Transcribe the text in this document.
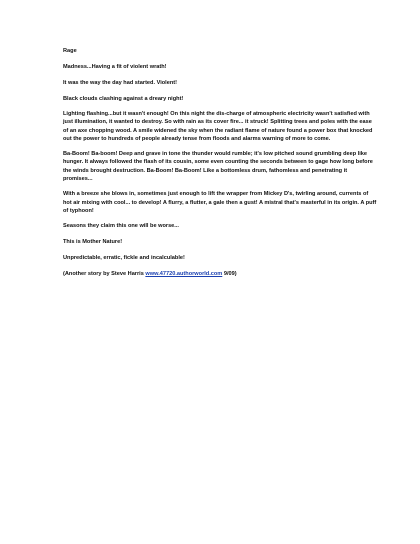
Rage

Madness...Having a fit of violent wrath!

It was the way the day had started. Violent!

Black clouds clashing against a dreary night!

Lighting flashing...but it wasn't enough! On this night the dis-charge of atmospheric electricity wasn't satisfied with just illumination, it wanted to destroy. So with rain as its cover fire... it struck! Splitting trees and poles with the ease of an axe chopping wood. A smile widened the sky when the radiant flame of nature found a power box that knocked out the power to hundreds of people already tense from floods and alarms warning of more to come.

Ba-Boom! Ba-boom! Deep and grave in tone the thunder would rumble; it's low pitched sound grumbling deep like hunger. It always followed the flash of its cousin, some even counting the seconds between to gage how long before the winds brought destruction. Ba-Boom! Ba-Boom! Like a bottomless drum, fathomless and penetrating it promises...

With a breeze she blows in, sometimes just enough to lift the wrapper from Mickey D's, twirling around, currents of hot air mixing with cool... to develop! A flurry, a flutter, a gale then a gust! A mistral that's masterful in its origin. A puff of typhoon!

Seasons they claim this one will be worse...

This is Mother Nature!

Unpredictable, erratic, fickle and incalculable!

(Another story by Steve Harris www.47720.authorworld.com 9/09)
